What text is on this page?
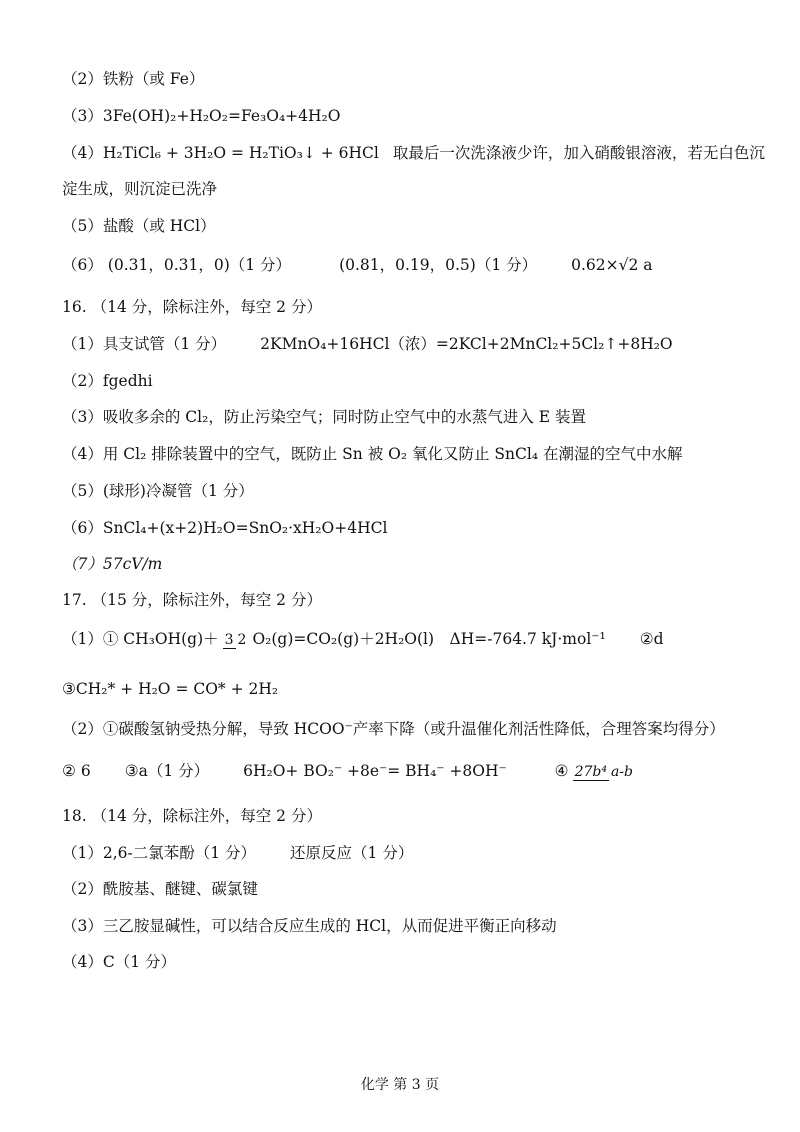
（2）铁粉（或 Fe）
（3）3Fe(OH)₂+H₂O₂=Fe₃O₄+4H₂O
（4）H₂TiCl₆ + 3H₂O = H₂TiO₃↓ + 6HCl 取最后一次洗涤液少许，加入硝酸银溶液，若无白色沉
淀生成，则沉淀已洗净
（5）盐酸（或 HCl）
（6） (0.31，0.31，0)（1 分）	(0.81，0.19，0.5)（1 分） 0.62×√2 a
16. （14 分，除标注外，每空 2 分）
（1）具支试管（1 分） 2KMnO₄+16HCl（浓）=2KCl+2MnCl₂+5Cl₂↑+8H₂O
（2）fgedhi
（3）吸收多余的 Cl₂，防止污染空气；同时防止空气中的水蒸气进入 E 装置
（4）用 Cl₂ 排除装置中的空气，既防止 Sn 被 O₂ 氧化又防止 SnCl₄ 在潮湿的空气中水解
（5）(球形)冷凝管（1 分）
（6）SnCl₄+(x+2)H₂O=SnO₂·xH₂O+4HCl
（7）57cV/m
17. （15 分，除标注外，每空 2 分）
（1）① CH₃OH(g)＋ 3 2 O₂(g)=CO₂(g)＋2H₂O(l)　ΔH=-764.7 kJ·mol⁻¹ ②d
③CH₂* + H₂O = CO* + 2H₂
（2）①碳酸氢钠受热分解，导致 HCOO⁻产率下降（或升温催化剂活性降低，合理答案均得分）
② 6 ③a（1 分） 6H₂O+ BO₂⁻ +8e⁻= BH₄⁻ +8OH⁻	④ 27b⁴ a-b
18. （14 分，除标注外，每空 2 分）
（1）2,6-二氯苯酚（1 分） 还原反应（1 分）
（2）酰胺基、醚键、碳氯键
（3）三乙胺显碱性，可以结合反应生成的 HCl，从而促进平衡正向移动
（4）C（1 分）
化学 第 3 页
